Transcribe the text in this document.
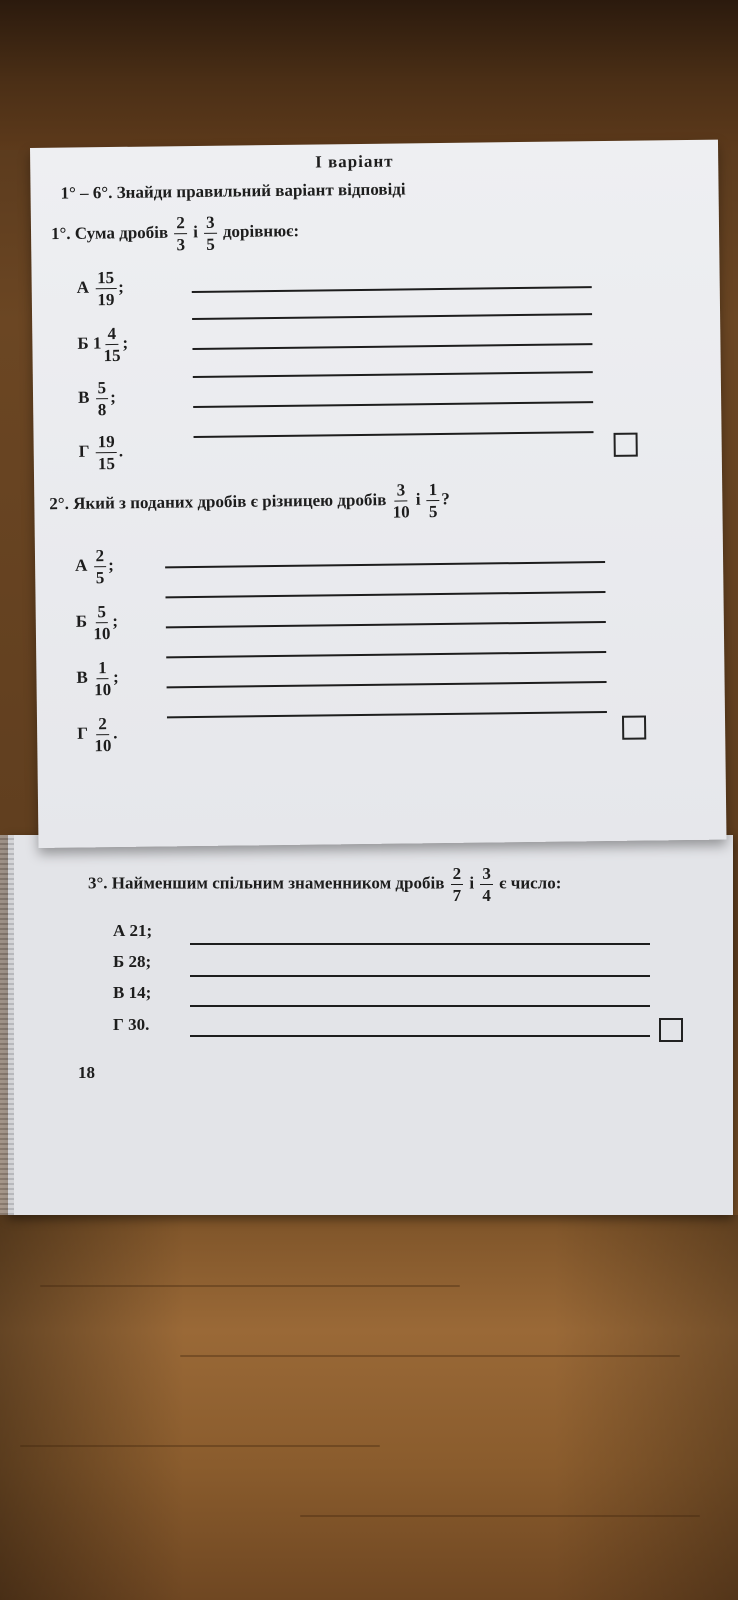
3°. Найменшим спільним знаменником дробів $\frac{2}{7}$ і $\frac{3}{4}$ є число:
А 21;
Б 28;
В 14;
Г 30.
18
І варіант
1° – 6°. Знайди правильний варіант відповіді
1°. Сума дробів $\frac{2}{3}$ і $\frac{3}{5}$ дорівнює:
А $\frac{15}{19}$ ;
Б $1 \frac{4}{15}$ ;
В $\frac{5}{8}$ ;
Г $\frac{19}{15}$ .
2°. Який з поданих дробів є різницею дробів $\frac{3}{10}$ і $\frac{1}{5}$ ?
А $\frac{2}{5}$ ;
Б $\frac{5}{10}$ ;
В $\frac{1}{10}$ ;
Г $\frac{2}{10}$ .
